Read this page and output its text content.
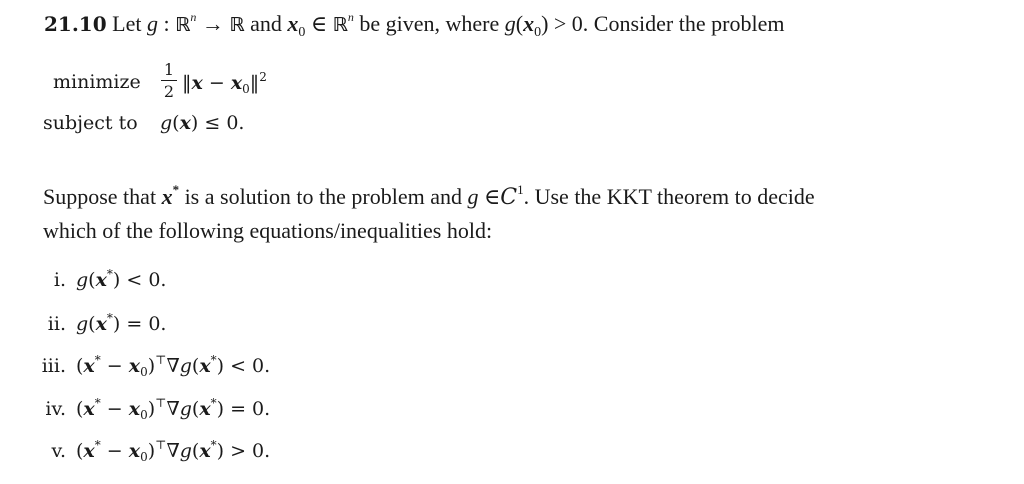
21.10 Let g : ℝ$^n$ → ℝ and $x_0$ ∈ ℝ$^n$ be given, where $g(x_0) > 0$. Consider the problem
minimize
1
2 ‖x − $x_0‖^2$
subject to g(x) ≤ 0.
Suppose that x* is a solution to the problem and g $\in C^1$. Use the KKT theorem to decide
which of the following equations/inequalities hold:
i. g(x*) < 0.
ii. g(x*) = 0.
iii. $(x^* - x_0)^⊤\nabla g(x^*) < 0$.
iv. $(x^* - x_0)^⊤\nabla g(x^*) = 0$.
v. $(x^* - x_0)^⊤\nabla g(x^*) > 0$.
